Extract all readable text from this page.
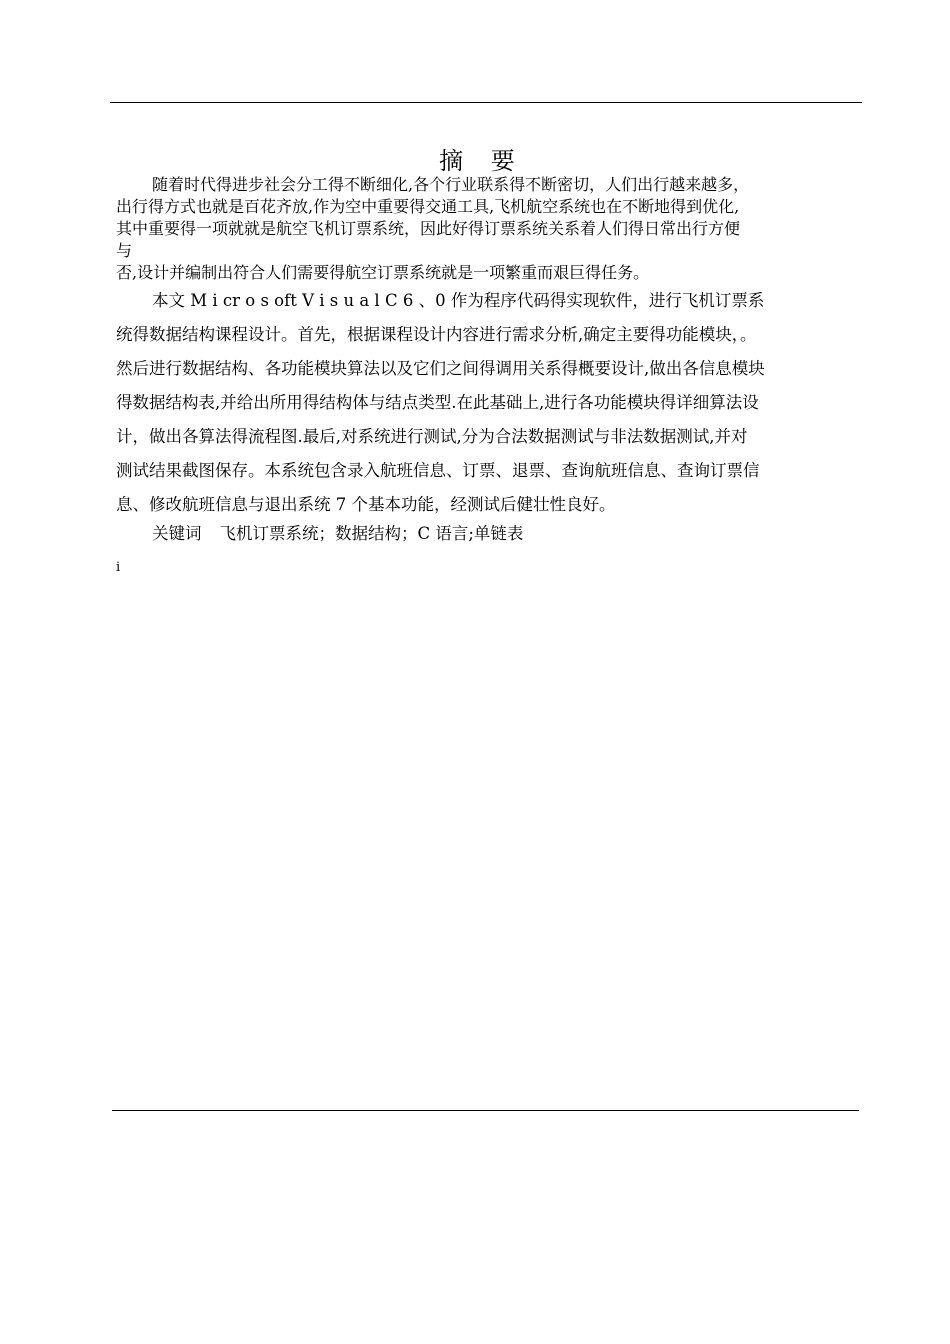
摘 要
随着时代得进步社会分工得不断细化,各个行业联系得不断密切，人们出行越来越多，
出行得方式也就是百花齐放,作为空中重要得交通工具,飞机航空系统也在不断地得到优化,
其中重要得一项就就是航空飞机订票系统，因此好得订票系统关系着人们得日常出行方便
与
否,设计并编制出符合人们需要得航空订票系统就是一项繁重而艰巨得任务。
本文 M i cr o s oft V i s u a l C 6 、0 作为程序代码得实现软件，进行飞机订票系
统得数据结构课程设计。首先，根据课程设计内容进行需求分析,确定主要得功能模块，。
然后进行数据结构、各功能模块算法以及它们之间得调用关系得概要设计,做出各信息模块
得数据结构表,并给出所用得结构体与结点类型.在此基础上,进行各功能模块得详细算法设
计，做出各算法得流程图.最后,对系统进行测试,分为合法数据测试与非法数据测试,并对
测试结果截图保存。本系统包含录入航班信息、订票、退票、查询航班信息、查询订票信
息、修改航班信息与退出系统 7 个基本功能，经测试后健壮性良好。
关键词 飞机订票系统；数据结构；C 语言;单链表
i
